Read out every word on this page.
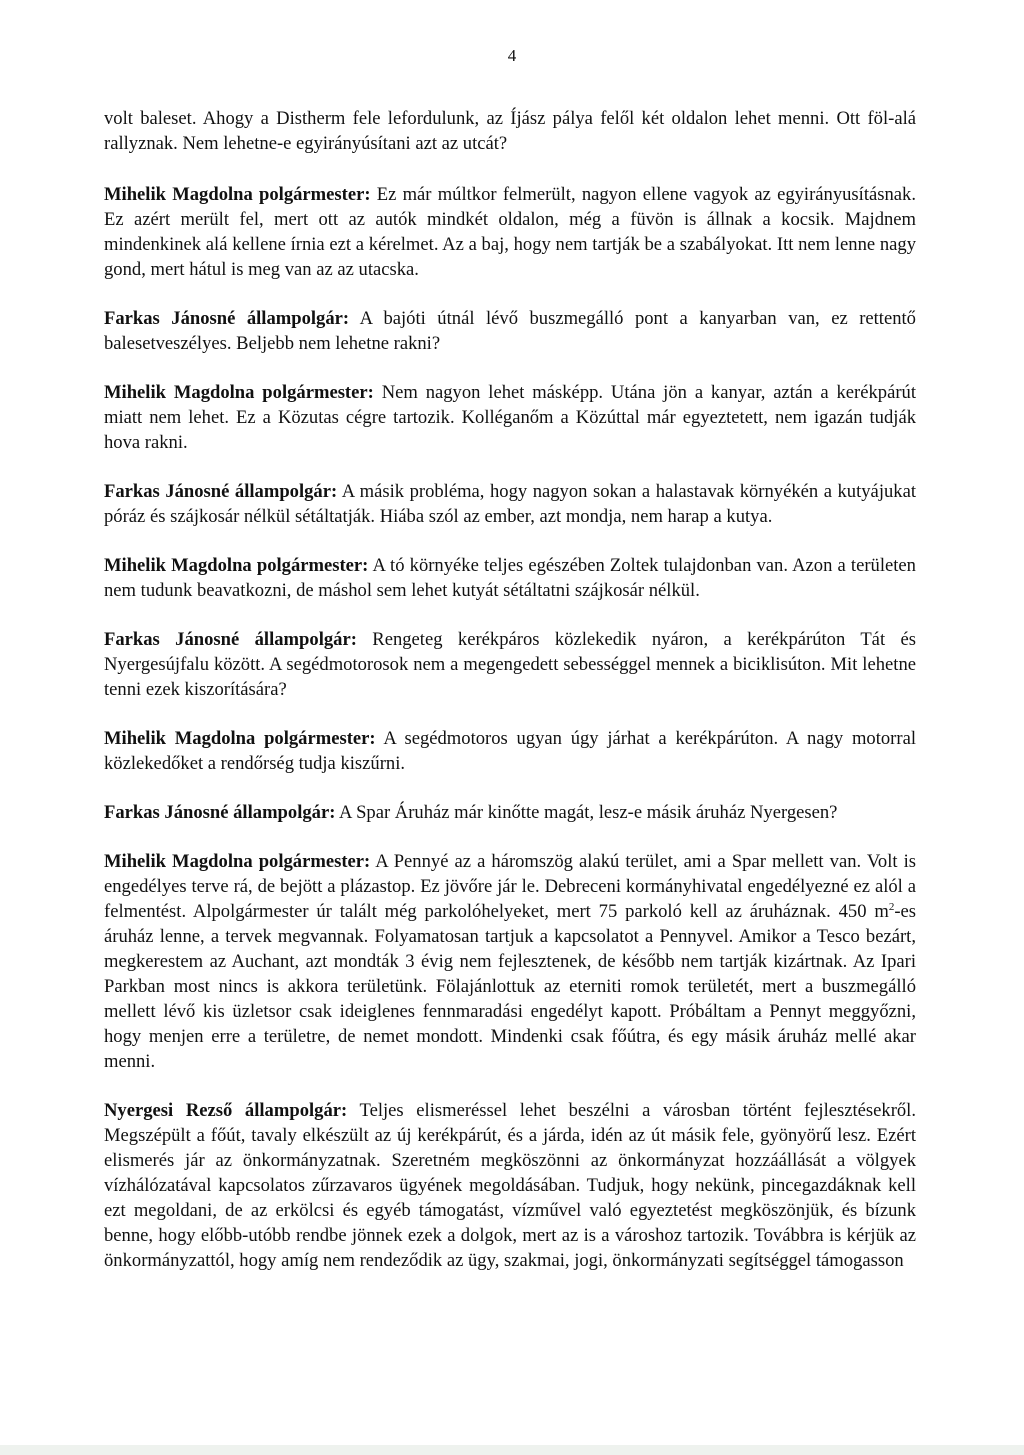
4

volt baleset. Ahogy a Distherm fele lefordulunk, az Íjász pálya felől két oldalon lehet menni. Ott föl-alá rallyznak. Nem lehetne-e egyirányúsítani azt az utcát?

Mihelik Magdolna polgármester: Ez már múltkor felmerült, nagyon ellene vagyok az egyirányusításnak. Ez azért merült fel, mert ott az autók mindkét oldalon, még a füvön is állnak a kocsik. Majdnem mindenkinek alá kellene írnia ezt a kérelmet. Az a baj, hogy nem tartják be a szabályokat. Itt nem lenne nagy gond, mert hátul is meg van az az utacska.

Farkas Jánosné állampolgár: A bajóti útnál lévő buszmegálló pont a kanyarban van, ez rettentő balesetveszélyes. Beljebb nem lehetne rakni?

Mihelik Magdolna polgármester: Nem nagyon lehet másképp. Utána jön a kanyar, aztán a kerékpárút miatt nem lehet. Ez a Közutas cégre tartozik. Kolléganőm a Közúttal már egyeztetett, nem igazán tudják hova rakni.

Farkas Jánosné állampolgár: A másik probléma, hogy nagyon sokan a halastavak környékén a kutyájukat póráz és szájkosár nélkül sétáltatják. Hiába szól az ember, azt mondja, nem harap a kutya.

Mihelik Magdolna polgármester: A tó környéke teljes egészében Zoltek tulajdonban van. Azon a területen nem tudunk beavatkozni, de máshol sem lehet kutyát sétáltatni szájkosár nélkül.

Farkas Jánosné állampolgár: Rengeteg kerékpáros közlekedik nyáron, a kerékpárúton Tát és Nyergesújfalu között. A segédmotorosok nem a megengedett sebességgel mennek a biciklisúton. Mit lehetne tenni ezek kiszorítására?

Mihelik Magdolna polgármester: A segédmotoros ugyan úgy járhat a kerékpárúton. A nagy motorral közlekedőket a rendőrség tudja kiszűrni.

Farkas Jánosné állampolgár: A Spar Áruház már kinőtte magát, lesz-e másik áruház Nyergesen?

Mihelik Magdolna polgármester: A Pennyé az a háromszög alakú terület, ami a Spar mellett van. Volt is engedélyes terve rá, de bejött a plázastop. Ez jövőre jár le. Debreceni kormányhivatal engedélyezné ez alól a felmentést. Alpolgármester úr talált még parkolóhelyeket, mert 75 parkoló kell az áruháznak. 450 $m^2-es$ áruház lenne, a tervek megvannak. Folyamatosan tartjuk a kapcsolatot a Pennyvel. Amikor a Tesco bezárt, megkerestem az Auchant, azt mondták 3 évig nem fejlesztenek, de később nem tartják kizártnak. Az Ipari Parkban most nincs is akkora területünk. Fölajánlottuk az eterniti romok területét, mert a buszmegálló mellett lévő kis üzletsor csak ideiglenes fennmaradási engedélyt kapott. Próbáltam a Pennyt meggyőzni, hogy menjen erre a területre, de nemet mondott. Mindenki csak főútra, és egy másik áruház mellé akar menni.

Nyergesi Rezső állampolgár: Teljes elismeréssel lehet beszélni a városban történt fejlesztésekről. Megszépült a főút, tavaly elkészült az új kerékpárút, és a járda, idén az út másik fele, gyönyörű lesz. Ezért elismerés jár az önkormányzatnak. Szeretném megköszönni az önkormányzat hozzáállását a völgyek vízhálózatával kapcsolatos zűrzavaros ügyének megoldásában. Tudjuk, hogy nekünk, pincegazdáknak kell ezt megoldani, de az erkölcsi és egyéb támogatást, vízművel való egyeztetést megköszönjük, és bízunk benne, hogy előbb-utóbb rendbe jönnek ezek a dolgok, mert az is a városhoz tartozik. Továbbra is kérjük az önkormányzattól, hogy amíg nem rendeződik az ügy, szakmai, jogi, önkormányzati segítséggel támogasson
